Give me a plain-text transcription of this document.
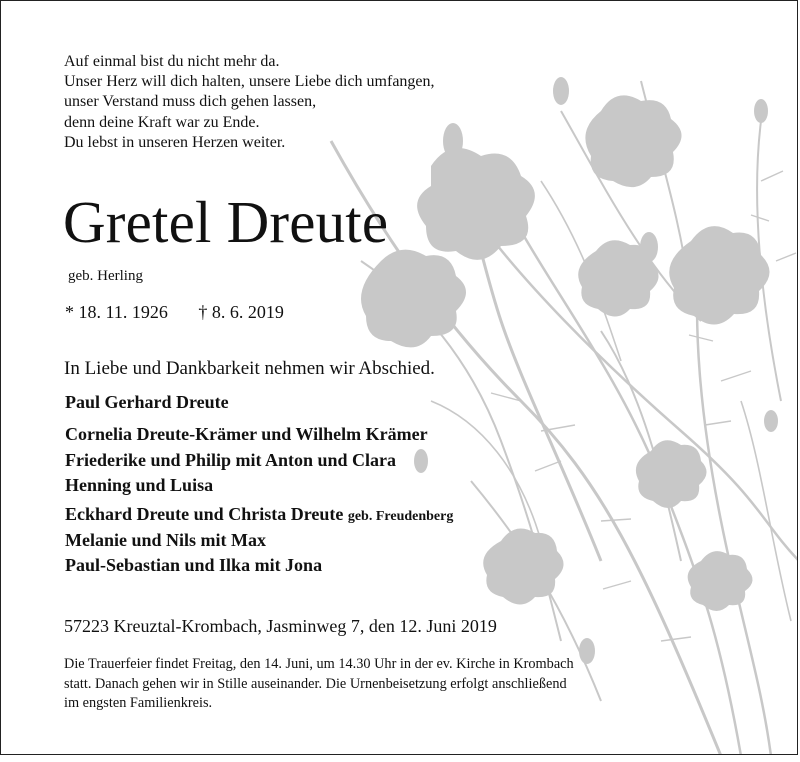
Auf einmal bist du nicht mehr da.
Unser Herz will dich halten, unsere Liebe dich umfangen,
unser Verstand muss dich gehen lassen,
denn deine Kraft war zu Ende.
Du lebst in unseren Herzen weiter.
Gretel Dreute
geb. Herling
* 18. 11. 1926 † 8. 6. 2019
In Liebe und Dankbarkeit nehmen wir Abschied.
Paul Gerhard Dreute
Cornelia Dreute-Krämer und Wilhelm Krämer
Friederike und Philip mit Anton und Clara
Henning und Luisa
Eckhard Dreute und Christa Dreute geb. Freudenberg
Melanie und Nils mit Max
Paul-Sebastian und Ilka mit Jona
57223 Kreuztal-Krombach, Jasminweg 7, den 12. Juni 2019
Die Trauerfeier findet Freitag, den 14. Juni, um 14.30 Uhr in der ev. Kirche in Krombach
statt. Danach gehen wir in Stille auseinander. Die Urnenbeisetzung erfolgt anschließend
im engsten Familienkreis.
